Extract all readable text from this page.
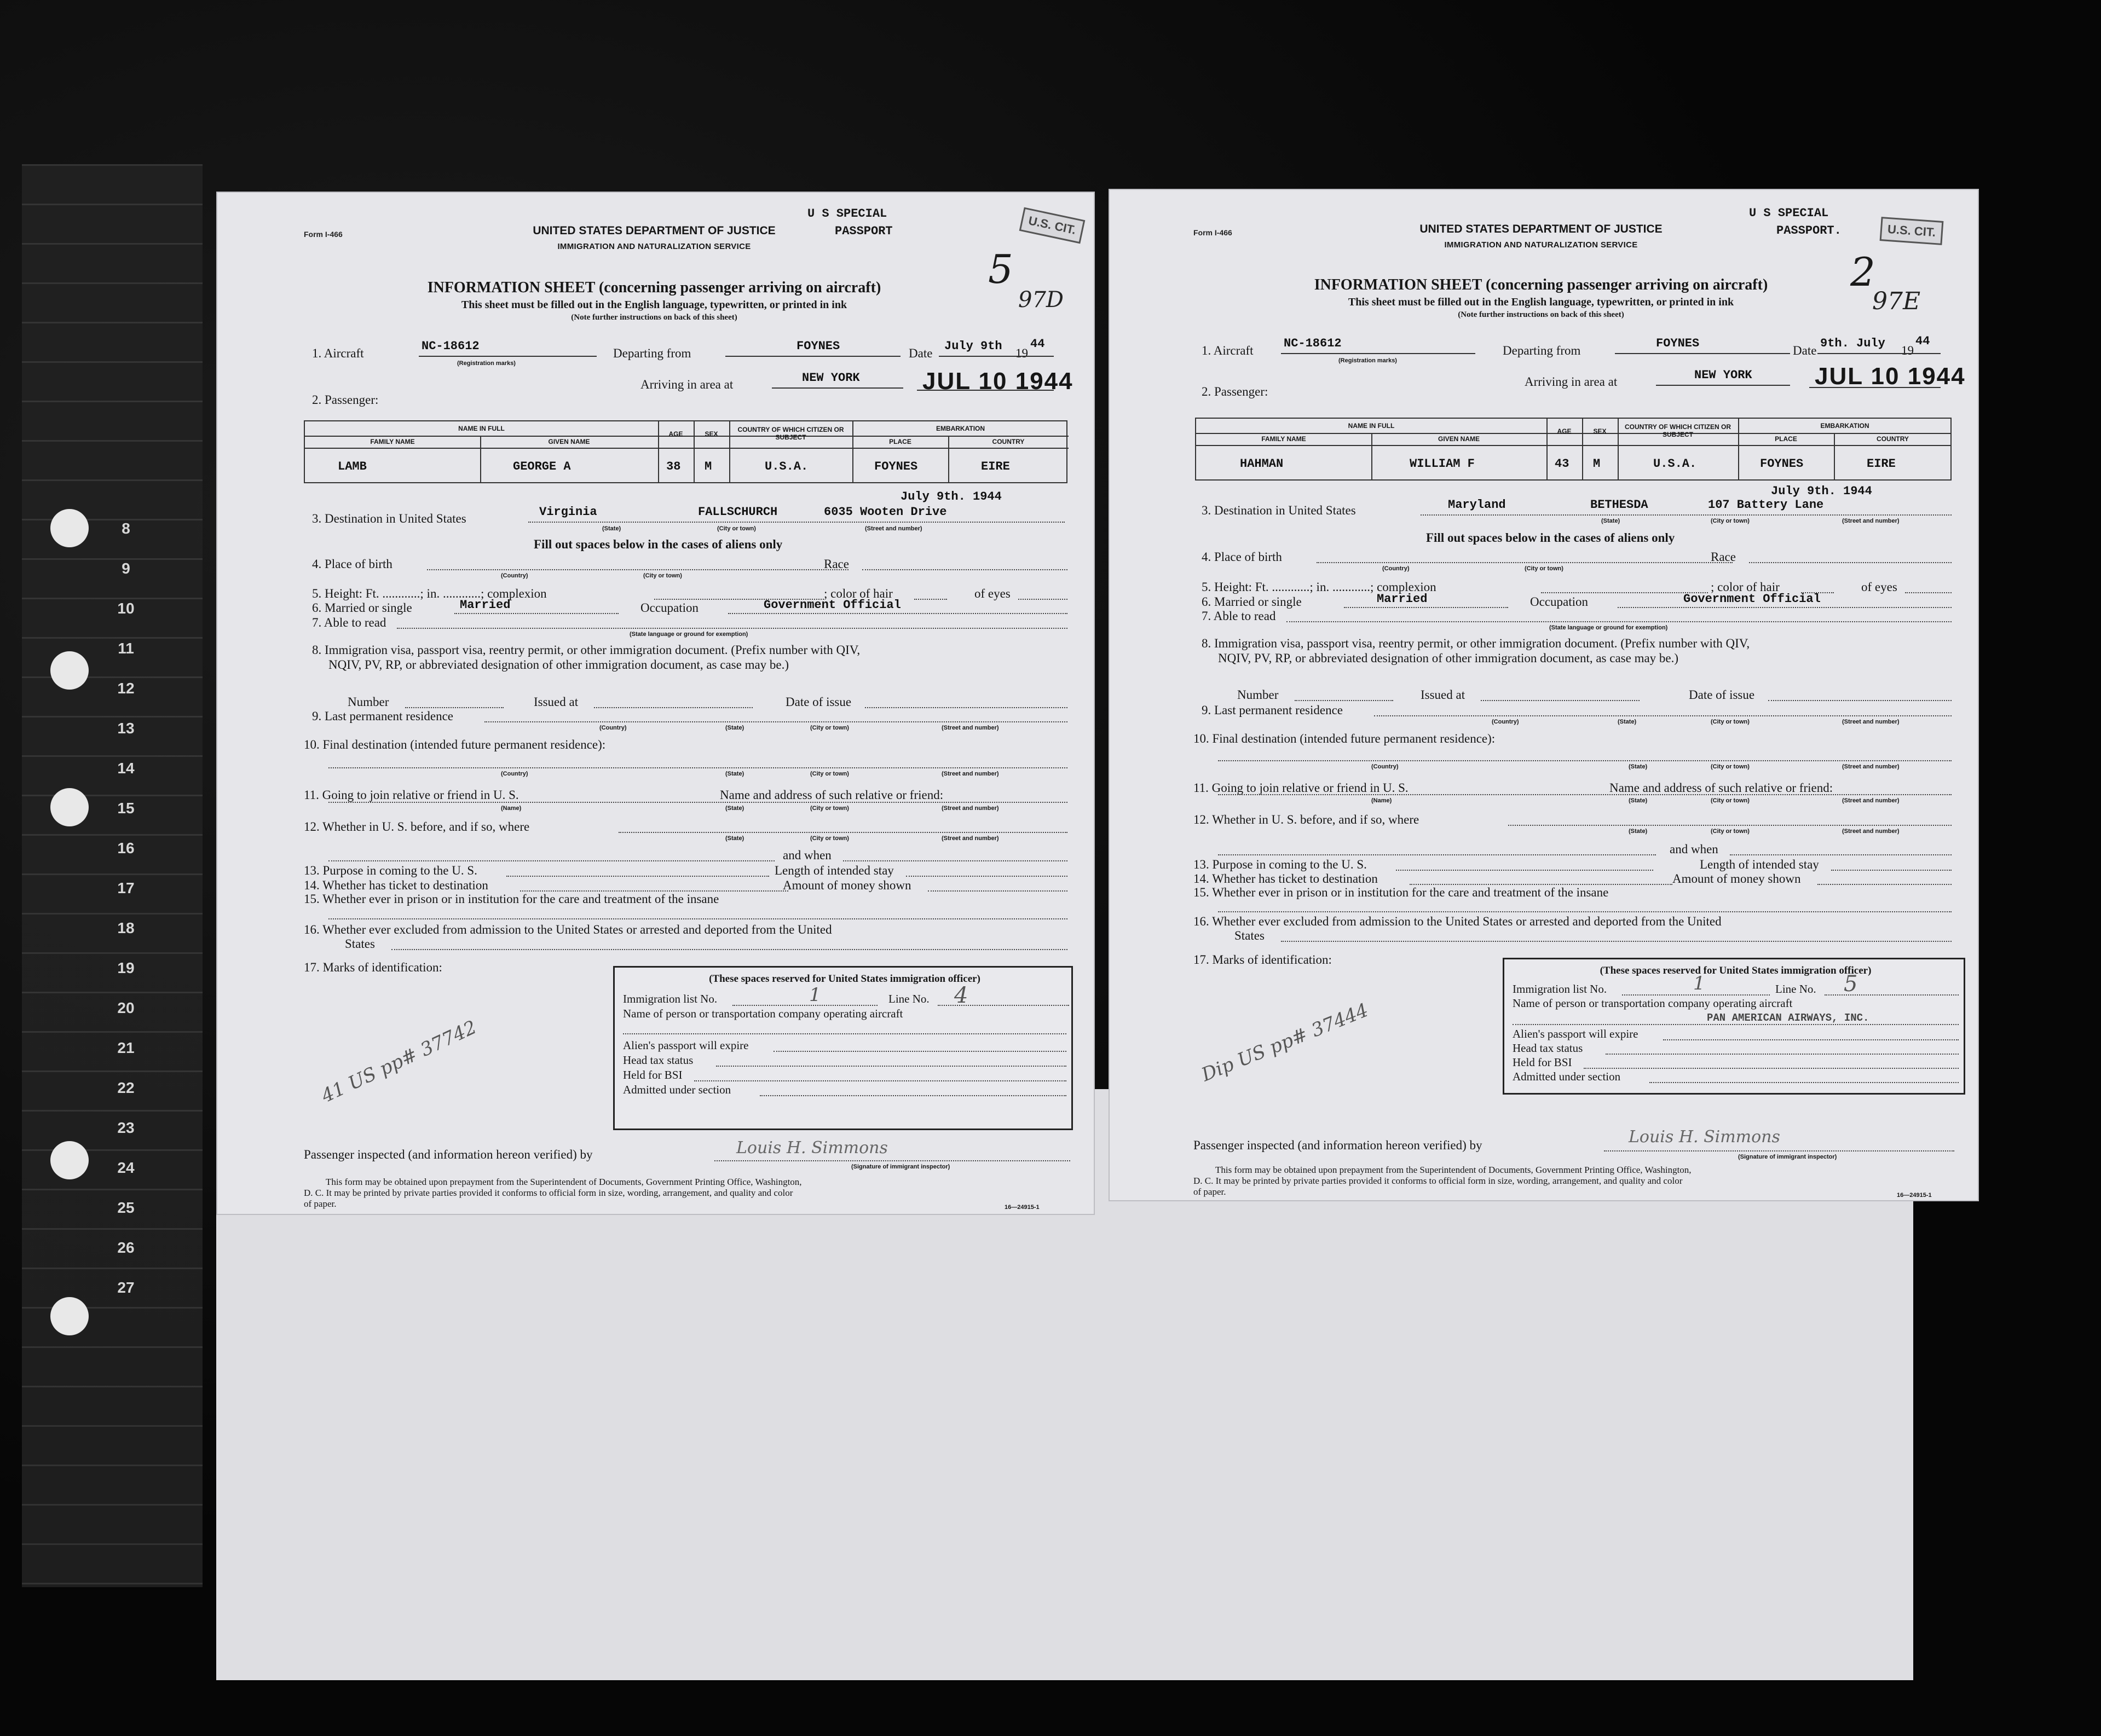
8
9
10
11
12
13
14
15
16
17
18
19
20
21
22
23
24
25
26
27
Form I-466	UNITED STATES DEPARTMENT OF JUSTICE
IMMIGRATION AND NATURALIZATION SERVICE
U S SPECIAL
PASSPORT	U.S. CIT.
5
97D
INFORMATION SHEET (concerning passenger arriving on aircraft)
This sheet must be filled out in the English language, typewritten, or printed in ink
(Note further instructions on back of this sheet)
1. Aircraft
NC-18612
(Registration marks)
Departing from
FOYNES
Date
July 9th
19
44
Arriving in area at	NEW YORK	JUL 10 1944
2. Passenger:
NAME IN FULL
FAMILY NAME	GIVEN NAME
AGE	SEX
COUNTRY OF WHICH CITIZEN OR SUBJECT
EMBARKATION
PLACE	COUNTRY
LAMB	GEORGE A	38 M	U.S.A.	FOYNES	EIRE
July 9th. 1944
3. Destination in United States	Virginia	FALLSCHURCH	6035 Wooten Drive
(State)	(City or town)	(Street and number)
Fill out spaces below in the cases of aliens only
4. Place of birth
(Country)	(City or town)
Race
5. Height: Ft. ............; in. ............; complexion	; color of hair	of eyes
6. Married or single	Married	Occupation	Government Official
7. Able to read
(State language or ground for exemption)
8. Immigration visa, passport visa, reentry permit, or other immigration document. (Prefix number with QIV,
NQIV, PV, RP, or abbreviated designation of other immigration document, as case may be.)
Number	Issued at	Date of issue
9. Last permanent residence
(Country)	(State)	(City or town)	(Street and number)
10. Final destination (intended future permanent residence):
(Country)	(State)	(City or town)	(Street and number)
11. Going to join relative or friend in U. S.	Name and address of such relative or friend:
(Name)	(State)	(City or town)	(Street and number)
12. Whether in U. S. before, and if so, where
(State)	(City or town)	(Street and number)
and when
13. Purpose in coming to the U. S.	Length of intended stay
14. Whether has ticket to destination	Amount of money shown
15. Whether ever in prison or in institution for the care and treatment of the insane
16. Whether ever excluded from admission to the United States or arrested and deported from the United
States
17. Marks of identification:
41 US pp# 37742
(These spaces reserved for United States immigration officer)
Immigration list No.	1	Line No. 4
Name of person or transportation company operating aircraft
Alien's passport will expire
Head tax status
Held for BSI
Admitted under section
Passenger inspected (and information hereon verified) by	Louis H. Simmons
(Signature of immigrant inspector)
This form may be obtained upon prepayment from the Superintendent of Documents, Government Printing Office, Washington,
D. C. It may be printed by private parties provided it conforms to official form in size, wording, arrangement, and quality and color
of paper.	16—24915-1
Form I-466	UNITED STATES DEPARTMENT OF JUSTICE
IMMIGRATION AND NATURALIZATION SERVICE
U S SPECIAL
PASSPORT.	U.S. CIT.
2
97E
INFORMATION SHEET (concerning passenger arriving on aircraft)
This sheet must be filled out in the English language, typewritten, or printed in ink
(Note further instructions on back of this sheet)
1. Aircraft
NC-18612
(Registration marks)
Departing from
FOYNES
Date
9th. July
19
44
Arriving in area at	NEW YORK	JUL 10 1944
2. Passenger:
NAME IN FULL
FAMILY NAME	GIVEN NAME
AGE	SEX
COUNTRY OF WHICH CITIZEN OR SUBJECT
EMBARKATION
PLACE	COUNTRY
HAHMAN	WILLIAM F	43 M	U.S.A.	FOYNES	EIRE
July 9th. 1944
3. Destination in United States	Maryland	BETHESDA	107 Battery Lane
(State)	(City or town)	(Street and number)
Fill out spaces below in the cases of aliens only
4. Place of birth
(Country)	(City or town)
Race
5. Height: Ft. ............; in. ............; complexion	; color of hair	of eyes
6. Married or single	Married	Occupation	Government Official
7. Able to read
(State language or ground for exemption)
8. Immigration visa, passport visa, reentry permit, or other immigration document. (Prefix number with QIV,
NQIV, PV, RP, or abbreviated designation of other immigration document, as case may be.)
Number	Issued at	Date of issue
9. Last permanent residence
(Country)	(State)	(City or town)	(Street and number)
10. Final destination (intended future permanent residence):
(Country)	(State)	(City or town)	(Street and number)
11. Going to join relative or friend in U. S.	Name and address of such relative or friend:
(Name)	(State)	(City or town)	(Street and number)
12. Whether in U. S. before, and if so, where
(State)	(City or town)	(Street and number)
and when
13. Purpose in coming to the U. S.	Length of intended stay
14. Whether has ticket to destination	Amount of money shown
15. Whether ever in prison or in institution for the care and treatment of the insane
16. Whether ever excluded from admission to the United States or arrested and deported from the United
States
17. Marks of identification:
Dip US pp# 37444
(These spaces reserved for United States immigration officer)
Immigration list No.	1	Line No. 5
Name of person or transportation company operating aircraft
PAN AMERICAN AIRWAYS, INC.
Alien's passport will expire
Head tax status
Held for BSI
Admitted under section
Passenger inspected (and information hereon verified) by	Louis H. Simmons
(Signature of immigrant inspector)
This form may be obtained upon prepayment from the Superintendent of Documents, Government Printing Office, Washington,
D. C. It may be printed by private parties provided it conforms to official form in size, wording, arrangement, and quality and color
of paper.	16—24915-1
